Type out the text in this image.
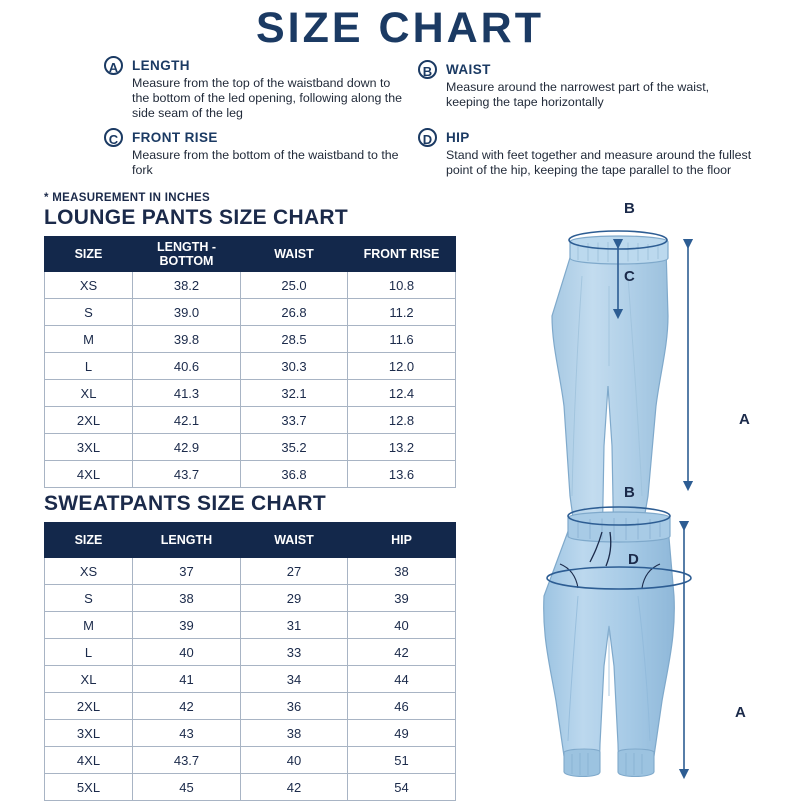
SIZE CHART
A	LENGTH
Measure from the top of the waistband down to the bottom of the led opening, following along the side seam of the leg
B	WAIST
Measure around the narrowest part of the waist, keeping the tape horizontally
C	FRONT RISE
Measure from the bottom of the waistband to the fork
D	HIP
Stand with feet together and measure around the fullest point of the hip, keeping the tape parallel to the floor
* MEASUREMENT IN INCHES
LOUNGE PANTS SIZE CHART
SWEATPANTS SIZE CHART
SIZE	LENGTH - BOTTOM	WAIST	FRONT RISE
XS	38.2	25.0	10.8
S	39.0	26.8	11.2
M	39.8	28.5	11.6
L	40.6	30.3	12.0
XL	41.3	32.1	12.4
2XL	42.1	33.7	12.8
3XL	42.9	35.2	13.2
4XL	43.7	36.8	13.6
SIZE	LENGTH	WAIST	HIP
XS	37	27	38
S	38	29	39
M	39	31	40
L	40	33	42
XL	41	34	44
2XL	42	36	46
3XL	43	38	49
4XL	43.7	40	51
5XL	45	42	54
B
C
A
B
D
A
